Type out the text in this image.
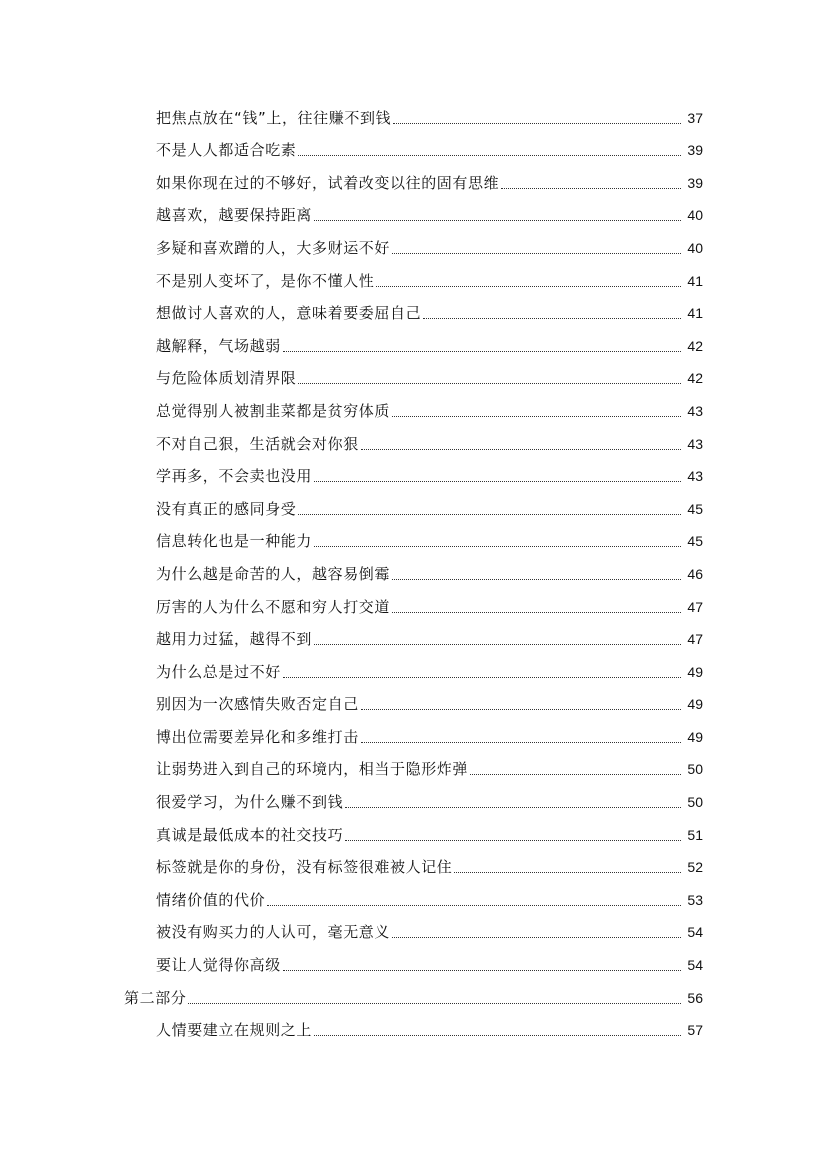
把焦点放在“钱”上，往往赚不到钱	37
不是人人都适合吃素	39
如果你现在过的不够好，试着改变以往的固有思维	39
越喜欢，越要保持距离	40
多疑和喜欢蹭的人，大多财运不好	40
不是别人变坏了，是你不懂人性	41
想做讨人喜欢的人，意味着要委屈自己	41
越解释，气场越弱	42
与危险体质划清界限	42
总觉得别人被割韭菜都是贫穷体质	43
不对自己狠，生活就会对你狠	43
学再多，不会卖也没用	43
没有真正的感同身受	45
信息转化也是一种能力	45
为什么越是命苦的人，越容易倒霉	46
厉害的人为什么不愿和穷人打交道	47
越用力过猛，越得不到	47
为什么总是过不好	49
别因为一次感情失败否定自己	49
博出位需要差异化和多维打击	49
让弱势进入到自己的环境内，相当于隐形炸弹	50
很爱学习，为什么赚不到钱	50
真诚是最低成本的社交技巧	51
标签就是你的身份，没有标签很难被人记住	52
情绪价值的代价	53
被没有购买力的人认可，毫无意义	54
要让人觉得你高级	54
第二部分	56
人情要建立在规则之上	57
